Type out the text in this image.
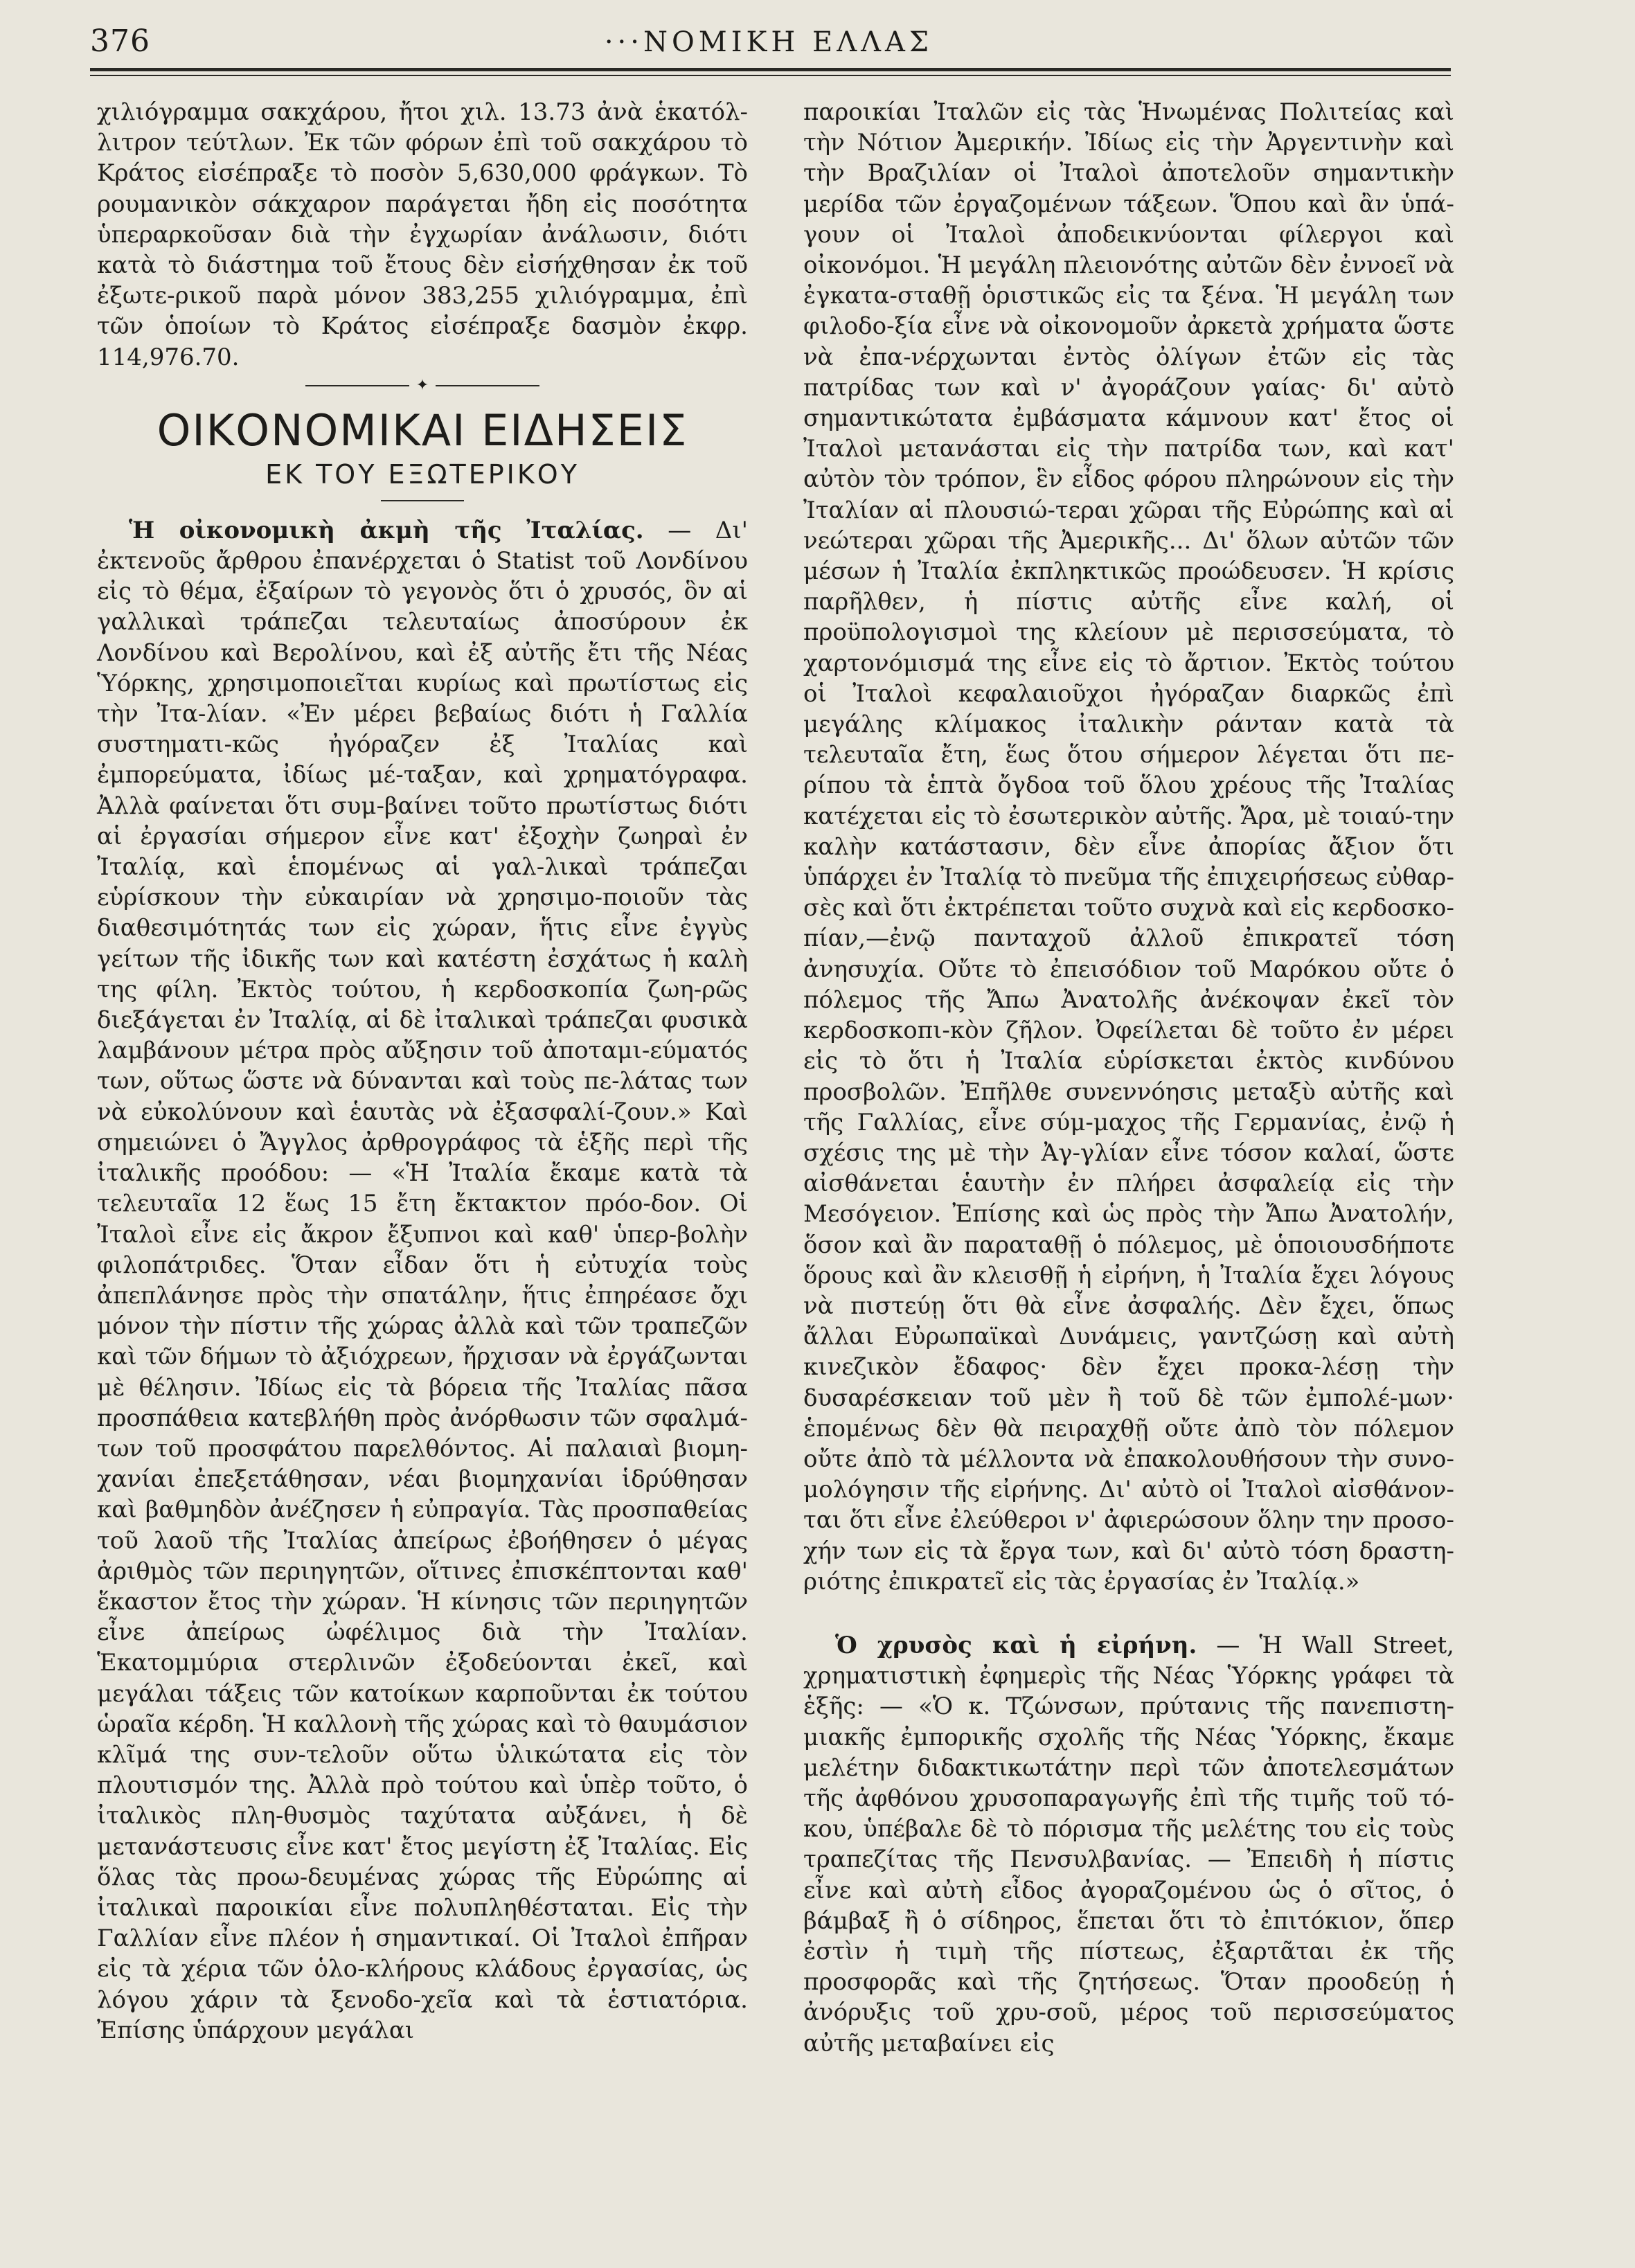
376	···ΝΟΜΙΚΗ ΕΛΛΑΣ

χιλιόγραμμα σακχάρου, ἤτοι χιλ. 13.73 ἀνὰ ἑκατόλ-λιτρον τεύτλων. Ἐκ τῶν φόρων ἐπὶ τοῦ σακχάρου τὸ Κράτος εἰσέπραξε τὸ ποσὸν 5,630,000 φράγκων. Τὸ ρουμανικὸν σάκχαρον παράγεται ἤδη εἰς ποσότητα ὑπεραρκοῦσαν διὰ τὴν ἐγχωρίαν ἀνάλωσιν, διότι κατὰ τὸ διάστημα τοῦ ἔτους δὲν εἰσήχθησαν ἐκ τοῦ ἐξωτε-ρικοῦ παρὰ μόνον 383,255 χιλιόγραμμα, ἐπὶ τῶν ὁποίων τὸ Κράτος εἰσέπραξε δασμὸν ἐκφρ. 114,976.70.

✦
ΟΙΚΟΝΟΜΙΚΑΙ ΕΙΔΗΣΕΙΣ
ΕΚ ΤΟΥ ΕΞΩΤΕΡΙΚΟΥ

Ἡ οἰκονομικὴ ἀκμὴ τῆς Ἰταλίας. — Δι' ἐκτενοῦς ἄρθρου ἐπανέρχεται ὁ Statist τοῦ Λονδίνου εἰς τὸ θέμα, ἐξαίρων τὸ γεγονὸς ὅτι ὁ χρυσός, ὃν αἱ γαλλικαὶ τράπεζαι τελευταίως ἀποσύρουν ἐκ Λονδίνου καὶ Βερολίνου, καὶ ἐξ αὐτῆς ἔτι τῆς Νέας Ὑόρκης, χρησιμοποιεῖται κυρίως καὶ πρωτίστως εἰς τὴν Ἰτα-λίαν. «Ἐν μέρει βεβαίως διότι ἡ Γαλλία συστηματι-κῶς ἠγόραζεν ἐξ Ἰταλίας καὶ ἐμπορεύματα, ἰδίως μέ-ταξαν, καὶ χρηματόγραφα. Ἀλλὰ φαίνεται ὅτι συμ-βαίνει τοῦτο πρωτίστως διότι αἱ ἐργασίαι σήμερον εἶνε κατ' ἐξοχὴν ζωηραὶ ἐν Ἰταλίᾳ, καὶ ἑπομένως αἱ γαλ-λικαὶ τράπεζαι εὑρίσκουν τὴν εὐκαιρίαν νὰ χρησιμο-ποιοῦν τὰς διαθεσιμότητάς των εἰς χώραν, ἥτις εἶνε ἐγγὺς γείτων τῆς ἰδικῆς των καὶ κατέστη ἐσχάτως ἡ καλὴ της φίλη. Ἐκτὸς τούτου, ἡ κερδοσκοπία ζωη-ρῶς διεξάγεται ἐν Ἰταλίᾳ, αἱ δὲ ἰταλικαὶ τράπεζαι φυσικὰ λαμβάνουν μέτρα πρὸς αὔξησιν τοῦ ἀποταμι-εύματός των, οὕτως ὥστε νὰ δύνανται καὶ τοὺς πε-λάτας των νὰ εὐκολύνουν καὶ ἑαυτὰς νὰ ἐξασφαλί-ζουν.» Καὶ σημειώνει ὁ Ἄγγλος ἀρθρογράφος τὰ ἑξῆς περὶ τῆς ἰταλικῆς προόδου: — «Ἡ Ἰταλία ἔκαμε κατὰ τὰ τελευταῖα 12 ἕως 15 ἔτη ἔκτακτον πρόο-δον. Οἱ Ἰταλοὶ εἶνε εἰς ἄκρον ἔξυπνοι καὶ καθ' ὑπερ-βολὴν φιλοπάτριδες. Ὅταν εἶδαν ὅτι ἡ εὐτυχία τοὺς ἀπεπλάνησε πρὸς τὴν σπατάλην, ἥτις ἐπηρέασε ὄχι μόνον τὴν πίστιν τῆς χώρας ἀλλὰ καὶ τῶν τραπεζῶν καὶ τῶν δήμων τὸ ἀξιόχρεων, ἤρχισαν νὰ ἐργάζωνται μὲ θέλησιν. Ἰδίως εἰς τὰ βόρεια τῆς Ἰταλίας πᾶσα προσπάθεια κατεβλήθη πρὸς ἀνόρθωσιν τῶν σφαλμά-των τοῦ προσφάτου παρελθόντος. Αἱ παλαιαὶ βιομη-χανίαι ἐπεξετάθησαν, νέαι βιομηχανίαι ἱδρύθησαν καὶ βαθμηδὸν ἀνέζησεν ἡ εὐπραγία. Τὰς προσπαθείας τοῦ λαοῦ τῆς Ἰταλίας ἀπείρως ἐβοήθησεν ὁ μέγας ἀριθμὸς τῶν περιηγητῶν, οἵτινες ἐπισκέπτονται καθ' ἕκαστον ἔτος τὴν χώραν. Ἡ κίνησις τῶν περιηγητῶν εἶνε ἀπείρως ὠφέλιμος διὰ τὴν Ἰταλίαν. Ἑκατομμύρια στερλινῶν ἐξοδεύονται ἐκεῖ, καὶ μεγάλαι τάξεις τῶν κατοίκων καρποῦνται ἐκ τούτου ὡραῖα κέρδη. Ἡ καλλονὴ τῆς χώρας καὶ τὸ θαυμάσιον κλῖμά της συν-τελοῦν οὕτω ὑλικώτατα εἰς τὸν πλουτισμόν της. Ἀλλὰ πρὸ τούτου καὶ ὑπὲρ τοῦτο, ὁ ἰταλικὸς πλη-θυσμὸς ταχύτατα αὐξάνει, ἡ δὲ μετανάστευσις εἶνε κατ' ἔτος μεγίστη ἐξ Ἰταλίας. Εἰς ὅλας τὰς προω-δευμένας χώρας τῆς Εὐρώπης αἱ ἰταλικαὶ παροικίαι εἶνε πολυπληθέσταται. Εἰς τὴν Γαλλίαν εἶνε πλέον ἡ σημαντικαί. Οἱ Ἰταλοὶ ἐπῆραν εἰς τὰ χέρια τῶν ὁλο-κλήρους κλάδους ἐργασίας, ὡς λόγου χάριν τὰ ξενοδο-χεῖα καὶ τὰ ἑστιατόρια. Ἐπίσης ὑπάρχουν μεγάλαι

παροικίαι Ἰταλῶν εἰς τὰς Ἡνωμένας Πολιτείας καὶ τὴν Νότιον Ἀμερικήν. Ἰδίως εἰς τὴν Ἀργεντινὴν καὶ τὴν Βραζιλίαν οἱ Ἰταλοὶ ἀποτελοῦν σημαντικὴν μερίδα τῶν ἐργαζομένων τάξεων. Ὅπου καὶ ἂν ὑπά-γουν οἱ Ἰταλοὶ ἀποδεικνύονται φίλεργοι καὶ οἰκονόμοι. Ἡ μεγάλη πλειονότης αὐτῶν δὲν ἐννοεῖ νὰ ἐγκατα-σταθῇ ὁριστικῶς εἰς τα ξένα. Ἡ μεγάλη των φιλοδο-ξία εἶνε νὰ οἰκονομοῦν ἀρκετὰ χρήματα ὥστε νὰ ἐπα-νέρχωνται ἐντὸς ὀλίγων ἐτῶν εἰς τὰς πατρίδας των καὶ ν' ἀγοράζουν γαίας· δι' αὐτὸ σημαντικώτατα ἐμβάσματα κάμνουν κατ' ἔτος οἱ Ἰταλοὶ μετανάσται εἰς τὴν πατρίδα των, καὶ κατ' αὐτὸν τὸν τρόπον, ἓν εἶδος φόρου πληρώνουν εἰς τὴν Ἰταλίαν αἱ πλουσιώ-τεραι χῶραι τῆς Εὐρώπης καὶ αἱ νεώτεραι χῶραι τῆς Ἀμερικῆς... Δι' ὅλων αὐτῶν τῶν μέσων ἡ Ἰταλία ἐκπληκτικῶς προώδευσεν. Ἡ κρίσις παρῆλθεν, ἡ πίστις αὐτῆς εἶνε καλή, οἱ προϋπολογισμοὶ της κλείουν μὲ περισσεύματα, τὸ χαρτονόμισμά της εἶνε εἰς τὸ ἄρτιον. Ἐκτὸς τούτου οἱ Ἰταλοὶ κεφαλαιοῦχοι ἠγόραζαν διαρκῶς ἐπὶ μεγάλης κλίμακος ἰταλικὴν ράνταν κατὰ τὰ τελευταῖα ἔτη, ἕως ὅτου σήμερον λέγεται ὅτι πε-ρίπου τὰ ἑπτὰ ὄγδοα τοῦ ὅλου χρέους τῆς Ἰταλίας κατέχεται εἰς τὸ ἐσωτερικὸν αὐτῆς. Ἄρα, μὲ τοιαύ-την καλὴν κατάστασιν, δὲν εἶνε ἀπορίας ἄξιον ὅτι ὑπάρχει ἐν Ἰταλίᾳ τὸ πνεῦμα τῆς ἐπιχειρήσεως εὐθαρ-σὲς καὶ ὅτι ἐκτρέπεται τοῦτο συχνὰ καὶ εἰς κερδοσκο-πίαν,—ἐνῷ πανταχοῦ ἀλλοῦ ἐπικρατεῖ τόση ἀνησυχία. Οὔτε τὸ ἐπεισόδιον τοῦ Μαρόκου οὔτε ὁ πόλεμος τῆς Ἄπω Ἀνατολῆς ἀνέκοψαν ἐκεῖ τὸν κερδοσκοπι-κὸν ζῆλον. Ὀφείλεται δὲ τοῦτο ἐν μέρει εἰς τὸ ὅτι ἡ Ἰταλία εὑρίσκεται ἐκτὸς κινδύνου προσβολῶν. Ἐπῆλθε συνεννόησις μεταξὺ αὐτῆς καὶ τῆς Γαλλίας, εἶνε σύμ-μαχος τῆς Γερμανίας, ἐνῷ ἡ σχέσις της μὲ τὴν Ἀγ-γλίαν εἶνε τόσον καλαί, ὥστε αἰσθάνεται ἑαυτὴν ἐν πλήρει ἀσφαλείᾳ εἰς τὴν Μεσόγειον. Ἐπίσης καὶ ὡς πρὸς τὴν Ἄπω Ἀνατολήν, ὅσον καὶ ἂν παραταθῇ ὁ πόλεμος, μὲ ὁποιουσδήποτε ὅρους καὶ ἂν κλεισθῇ ἡ εἰρήνη, ἡ Ἰταλία ἔχει λόγους νὰ πιστεύῃ ὅτι θὰ εἶνε ἀσφαλής. Δὲν ἔχει, ὅπως ἄλλαι Εὐρωπαϊκαὶ Δυνάμεις, γαντζώσῃ καὶ αὐτὴ κινεζικὸν ἔδαφος· δὲν ἔχει προκα-λέσῃ τὴν δυσαρέσκειαν τοῦ μὲν ἢ τοῦ δὲ τῶν ἐμπολέ-μων· ἑπομένως δὲν θὰ πειραχθῇ οὔτε ἀπὸ τὸν πόλεμον οὔτε ἀπὸ τὰ μέλλοντα νὰ ἐπακολουθήσουν τὴν συνο-μολόγησιν τῆς εἰρήνης. Δι' αὐτὸ οἱ Ἰταλοὶ αἰσθάνον-ται ὅτι εἶνε ἐλεύθεροι ν' ἀφιερώσουν ὅλην την προσο-χήν των εἰς τὰ ἔργα των, καὶ δι' αὐτὸ τόση δραστη-ριότης ἐπικρατεῖ εἰς τὰς ἐργασίας ἐν Ἰταλίᾳ.»

Ὁ χρυσὸς καὶ ἡ εἰρήνη. — Ἡ Wall Street, χρηματιστικὴ ἐφημερὶς τῆς Νέας Ὑόρκης γράφει τὰ ἑξῆς: — «Ὁ κ. Τζώνσων, πρύτανις τῆς πανεπιστη-μιακῆς ἐμπορικῆς σχολῆς τῆς Νέας Ὑόρκης, ἔκαμε μελέτην διδακτικωτάτην περὶ τῶν ἀποτελεσμάτων τῆς ἀφθόνου χρυσοπαραγωγῆς ἐπὶ τῆς τιμῆς τοῦ τό-κου, ὑπέβαλε δὲ τὸ πόρισμα τῆς μελέτης του εἰς τοὺς τραπεζίτας τῆς Πενσυλβανίας. — Ἐπειδὴ ἡ πίστις εἶνε καὶ αὐτὴ εἶδος ἀγοραζομένου ὡς ὁ σῖτος, ὁ βάμβαξ ἢ ὁ σίδηρος, ἕπεται ὅτι τὸ ἐπιτόκιον, ὅπερ ἐστὶν ἡ τιμὴ τῆς πίστεως, ἐξαρτᾶται ἐκ τῆς προσφορᾶς καὶ τῆς ζητήσεως. Ὅταν προοδεύῃ ἡ ἀνόρυξις τοῦ χρυ-σοῦ, μέρος τοῦ περισσεύματος αὐτῆς μεταβαίνει εἰς
